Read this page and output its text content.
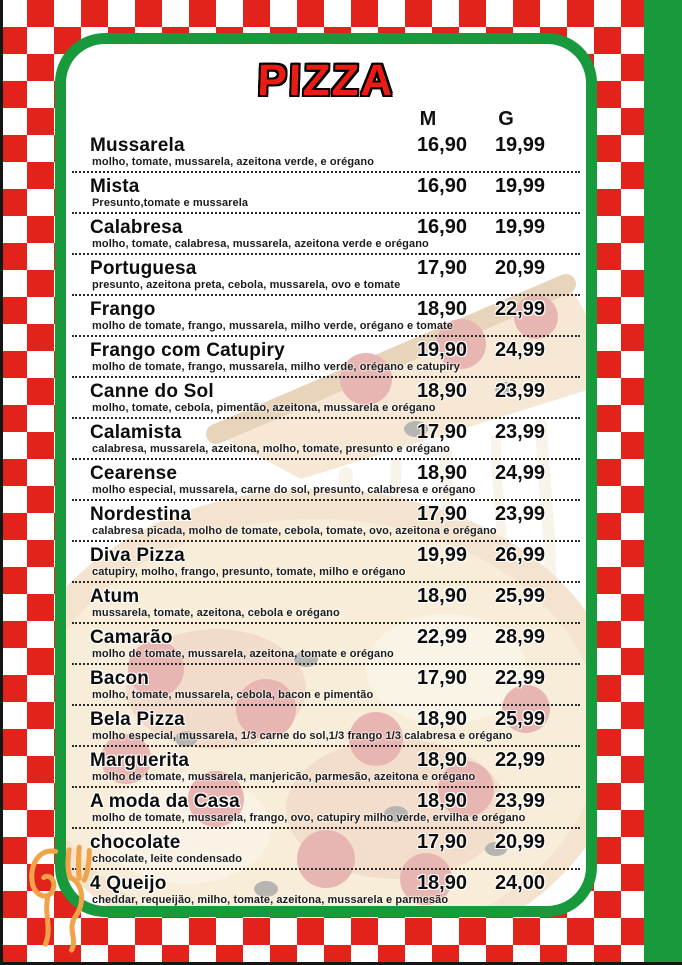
PIZZA
M	G
Mussarela	16,90	19,99
molho, tomate, mussarela, azeitona verde, e orégano
Mista	16,90	19,99
Presunto,tomate e mussarela
Calabresa	16,90	19,99
molho, tomate, calabresa, mussarela, azeitona verde e orégano
Portuguesa	17,90	20,99
presunto, azeitona preta, cebola, mussarela, ovo e tomate
Frango	18,90	22,99
molho de tomate, frango, mussarela, milho verde, orégano e tomate
Frango com Catupiry	19,90	24,99
molho de tomate, frango, mussarela, milho verde, orégano e catupiry
Canne do Sol	18,90	23,99
molho, tomate, cebola, pimentão, azeitona, mussarela e orégano
Calamista	17,90	23,99
calabresa, mussarela, azeitona, molho, tomate, presunto e orégano
Cearense	18,90	24,99
molho especial, mussarela, carne do sol, presunto, calabresa e orégano
Nordestina	17,90	23,99
calabresa picada, molho de tomate, cebola, tomate, ovo, azeitona e orégano
Diva Pizza	19,99	26,99
catupiry, molho, frango, presunto, tomate, milho e orégano
Atum	18,90	25,99
mussarela, tomate, azeitona, cebola e orégano
Camarão	22,99	28,99
molho de tomate, mussarela, azeitona, tomate e orégano
Bacon	17,90	22,99
molho, tomate, mussarela, cebola, bacon e pimentão
Bela Pizza	18,90	25,99
molho especial, mussarela, 1/3 carne do sol,1/3 frango 1/3 calabresa e orégano
Marguerita	18,90	22,99
molho de tomate, mussarela, manjericão, parmesão, azeitona e orégano
A moda da Casa	18,90	23,99
molho de tomate, mussarela, frango, ovo, catupiry milho verde, ervilha e orégano
chocolate	17,90	20,99
chocolate, leite condensado
4 Queijo	18,90	24,00
cheddar, requeijão, milho, tomate, azeitona, mussarela e parmesão
